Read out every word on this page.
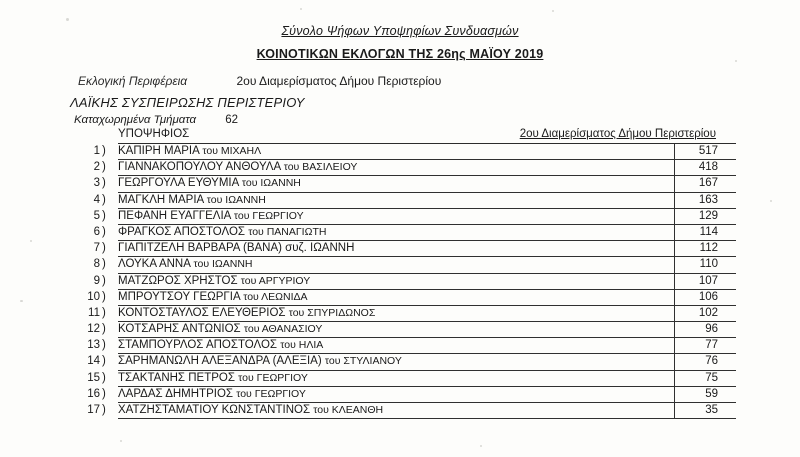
Σύνολο Ψήφων Υποψηφίων Συνδυασμών
ΚΟΙΝΟΤΙΚΩΝ ΕΚΛΟΓΩΝ ΤΗΣ 26ης ΜΑΪΟΥ 2019
Εκλογική Περιφέρεια	2ου Διαμερίσματος Δήμου Περιστερίου
ΛΑΪΚΗΣ ΣΥΣΠΕΙΡΩΣΗΣ ΠΕΡΙΣΤΕΡΙΟΥ
Καταχωρημένα Τμήματα	62
ΥΠΟΨΗΦΙΟΣ	2ου Διαμερίσματος Δήμου Περιστερίου
1 ) ΚΑΠΙΡΗ ΜΑΡΙΑ του ΜΙΧΑΗΛ	517
2 ) ΓΙΑΝΝΑΚΟΠΟΥΛΟΥ ΑΝΘΟΥΛΑ του ΒΑΣΙΛΕΙΟΥ	418
3 ) ΓΕΩΡΓΟΥΛΑ ΕΥΘΥΜΙΑ του ΙΩΑΝΝΗ	167
4 ) ΜΑΓΚΛΗ ΜΑΡΙΑ του ΙΩΑΝΝΗ	163
5 ) ΠΕΦΑΝΗ ΕΥΑΓΓΕΛΙΑ του ΓΕΩΡΓΙΟΥ	129
6 ) ΦΡΑΓΚΟΣ ΑΠΟΣΤΟΛΟΣ του ΠΑΝΑΓΙΩΤΗ	114
7 ) ΓΙΑΠΙΤΖΕΛΗ ΒΑΡΒΑΡΑ (ΒΑΝΑ) συζ. ΙΩΑΝΝΗ	112
8 ) ΛΟΥΚΑ ΑΝΝΑ του ΙΩΑΝΝΗ	110
9 ) ΜΑΤΖΩΡΟΣ ΧΡΗΣΤΟΣ του ΑΡΓΥΡΙΟΥ	107
10 ) ΜΠΡΟΥΤΣΟΥ ΓΕΩΡΓΙΑ του ΛΕΩΝΙΔΑ	106
11 ) ΚΟΝΤΟΣΤΑΥΛΟΣ ΕΛΕΥΘΕΡΙΟΣ του ΣΠΥΡΙΔΩΝΟΣ	102
12 ) ΚΟΤΣΑΡΗΣ ΑΝΤΩΝΙΟΣ του ΑΘΑΝΑΣΙΟΥ	96
13 ) ΣΤΑΜΠΟΥΡΛΟΣ ΑΠΟΣΤΟΛΟΣ του ΗΛΙΑ	77
14 ) ΣΑΡΗΜΑΝΩΛΗ ΑΛΕΞΑΝΔΡΑ (ΑΛΕΞΙΑ) του ΣΤΥΛΙΑΝΟΥ	76
15 ) ΤΣΑΚΤΑΝΗΣ ΠΕΤΡΟΣ του ΓΕΩΡΓΙΟΥ	75
16 ) ΛΑΡΔΑΣ ΔΗΜΗΤΡΙΟΣ του ΓΕΩΡΓΙΟΥ	59
17 ) ΧΑΤΖΗΣΤΑΜΑΤΙΟΥ ΚΩΝΣΤΑΝΤΙΝΟΣ του ΚΛΕΑΝΘΗ	35
